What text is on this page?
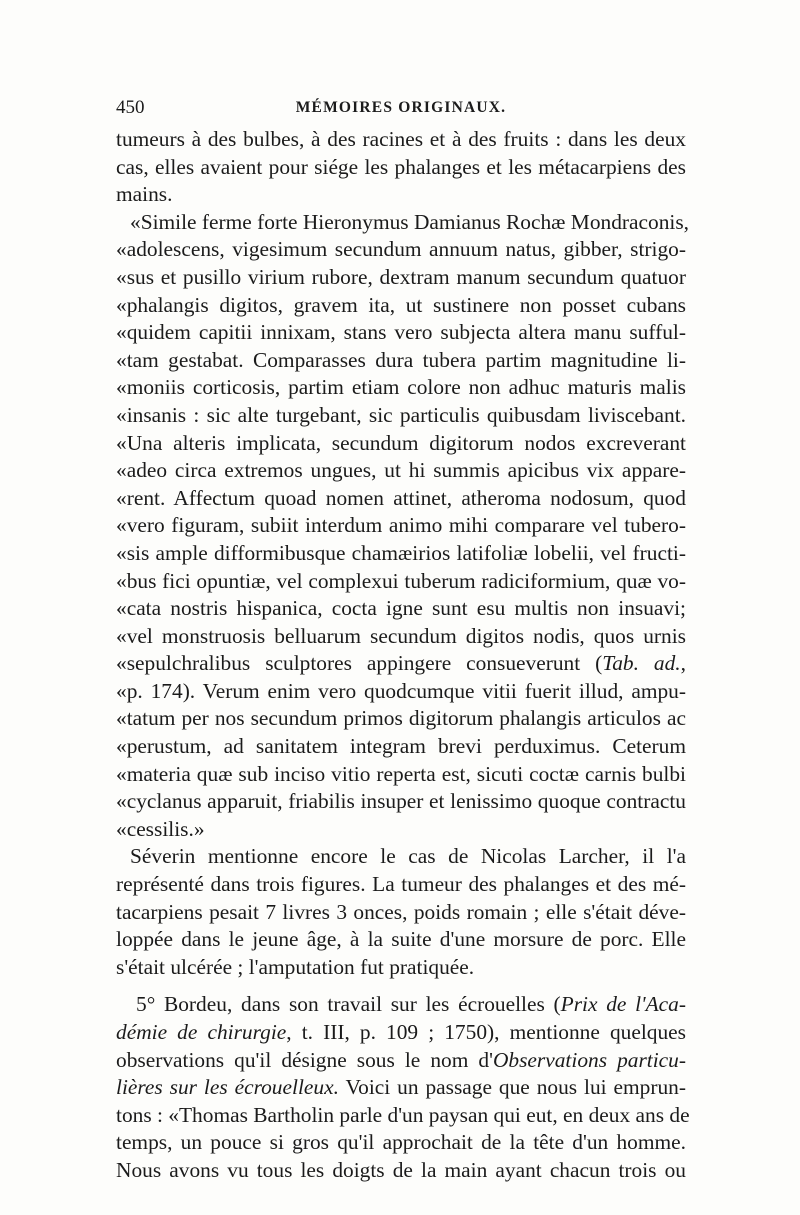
450	MÉMOIRES ORIGINAUX.
tumeurs à des bulbes, à des racines et à des fruits : dans les deux
cas, elles avaient pour siége les phalanges et les métacarpiens des
mains.
«Simile ferme forte Hieronymus Damianus Rochæ Mondraconis,
«adolescens, vigesimum secundum annuum natus, gibber, strigo-
«sus et pusillo virium rubore, dextram manum secundum quatuor
«phalangis digitos, gravem ita, ut sustinere non posset cubans
«quidem capitii innixam, stans vero subjecta altera manu sufful-
«tam gestabat. Comparasses dura tubera partim magnitudine li-
«moniis corticosis, partim etiam colore non adhuc maturis malis
«insanis : sic alte turgebant, sic particulis quibusdam liviscebant.
«Una alteris implicata, secundum digitorum nodos excreverant
«adeo circa extremos ungues, ut hi summis apicibus vix appare-
«rent. Affectum quoad nomen attinet, atheroma nodosum, quod
«vero figuram, subiit interdum animo mihi comparare vel tubero-
«sis ample difformibusque chamæirios latifoliæ lobelii, vel fructi-
«bus fici opuntiæ, vel complexui tuberum radiciformium, quæ vo-
«cata nostris hispanica, cocta igne sunt esu multis non insuavi;
«vel monstruosis belluarum secundum digitos nodis, quos urnis
«sepulchralibus sculptores appingere consueverunt (Tab. ad.,
«p. 174). Verum enim vero quodcumque vitii fuerit illud, ampu-
«tatum per nos secundum primos digitorum phalangis articulos ac
«perustum, ad sanitatem integram brevi perduximus. Ceterum
«materia quæ sub inciso vitio reperta est, sicuti coctæ carnis bulbi
«cyclanus apparuit, friabilis insuper et lenissimo quoque contractu
«cessilis.»
Séverin mentionne encore le cas de Nicolas Larcher, il l'a
représenté dans trois figures. La tumeur des phalanges et des mé-
tacarpiens pesait 7 livres 3 onces, poids romain ; elle s'était déve-
loppée dans le jeune âge, à la suite d'une morsure de porc. Elle
s'était ulcérée ; l'amputation fut pratiquée.
5° Bordeu, dans son travail sur les écrouelles (Prix de l'Aca-
démie de chirurgie, t. III, p. 109 ; 1750), mentionne quelques
observations qu'il désigne sous le nom d'Observations particu-
lières sur les écrouelleux. Voici un passage que nous lui emprun-
tons : «Thomas Bartholin parle d'un paysan qui eut, en deux ans de
temps, un pouce si gros qu'il approchait de la tête d'un homme.
Nous avons vu tous les doigts de la main ayant chacun trois ou
